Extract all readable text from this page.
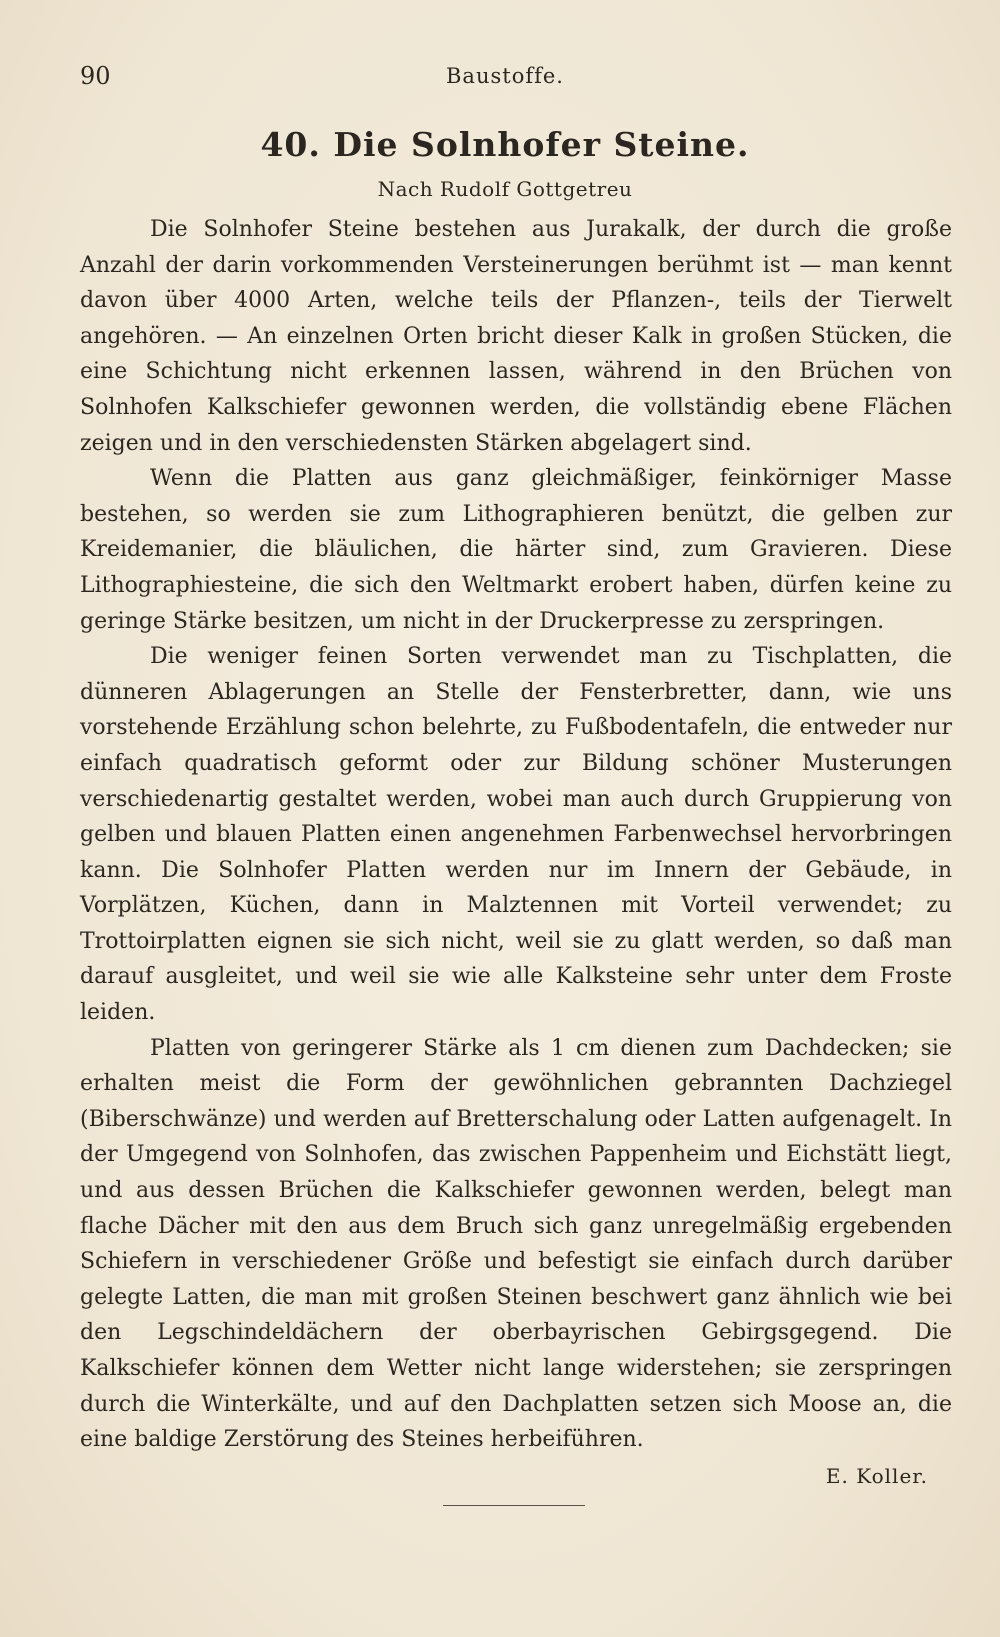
90	Baustoffe.
40. Die Solnhofer Steine.
Nach Rudolf Gottgetreu

Die Solnhofer Steine bestehen aus Jurakalk, der durch die große Anzahl der darin vorkommenden Versteinerungen berühmt ist — man kennt davon über 4000 Arten, welche teils der Pflanzen-, teils der Tierwelt angehören. — An einzelnen Orten bricht dieser Kalk in großen Stücken, die eine Schichtung nicht erkennen lassen, während in den Brüchen von Solnhofen Kalkschiefer gewonnen werden, die vollständig ebene Flächen zeigen und in den verschiedensten Stärken abgelagert sind.

Wenn die Platten aus ganz gleichmäßiger, feinkörniger Masse bestehen, so werden sie zum Lithographieren benützt, die gelben zur Kreidemanier, die bläulichen, die härter sind, zum Gravieren. Diese Lithographiesteine, die sich den Weltmarkt erobert haben, dürfen keine zu geringe Stärke besitzen, um nicht in der Druckerpresse zu zerspringen.

Die weniger feinen Sorten verwendet man zu Tischplatten, die dünneren Ablagerungen an Stelle der Fensterbretter, dann, wie uns vorstehende Erzählung schon belehrte, zu Fußbodentafeln, die entweder nur einfach quadratisch geformt oder zur Bildung schöner Musterungen verschiedenartig gestaltet werden, wobei man auch durch Gruppierung von gelben und blauen Platten einen angenehmen Farbenwechsel hervorbringen kann. Die Solnhofer Platten werden nur im Innern der Gebäude, in Vorplätzen, Küchen, dann in Malztennen mit Vorteil verwendet; zu Trottoirplatten eignen sie sich nicht, weil sie zu glatt werden, so daß man darauf ausgleitet, und weil sie wie alle Kalksteine sehr unter dem Froste leiden.

Platten von geringerer Stärke als 1 cm dienen zum Dachdecken; sie erhalten meist die Form der gewöhnlichen gebrannten Dachziegel (Biberschwänze) und werden auf Bretterschalung oder Latten aufgenagelt. In der Umgegend von Solnhofen, das zwischen Pappenheim und Eichstätt liegt, und aus dessen Brüchen die Kalkschiefer gewonnen werden, belegt man flache Dächer mit den aus dem Bruch sich ganz unregelmäßig ergebenden Schiefern in verschiedener Größe und befestigt sie einfach durch darüber gelegte Latten, die man mit großen Steinen beschwert ganz ähnlich wie bei den Legschindeldächern der oberbayrischen Gebirgsgegend. Die Kalkschiefer können dem Wetter nicht lange widerstehen; sie zerspringen durch die Winterkälte, und auf den Dachplatten setzen sich Moose an, die eine baldige Zerstörung des Steines herbeiführen.

E. Koller.
